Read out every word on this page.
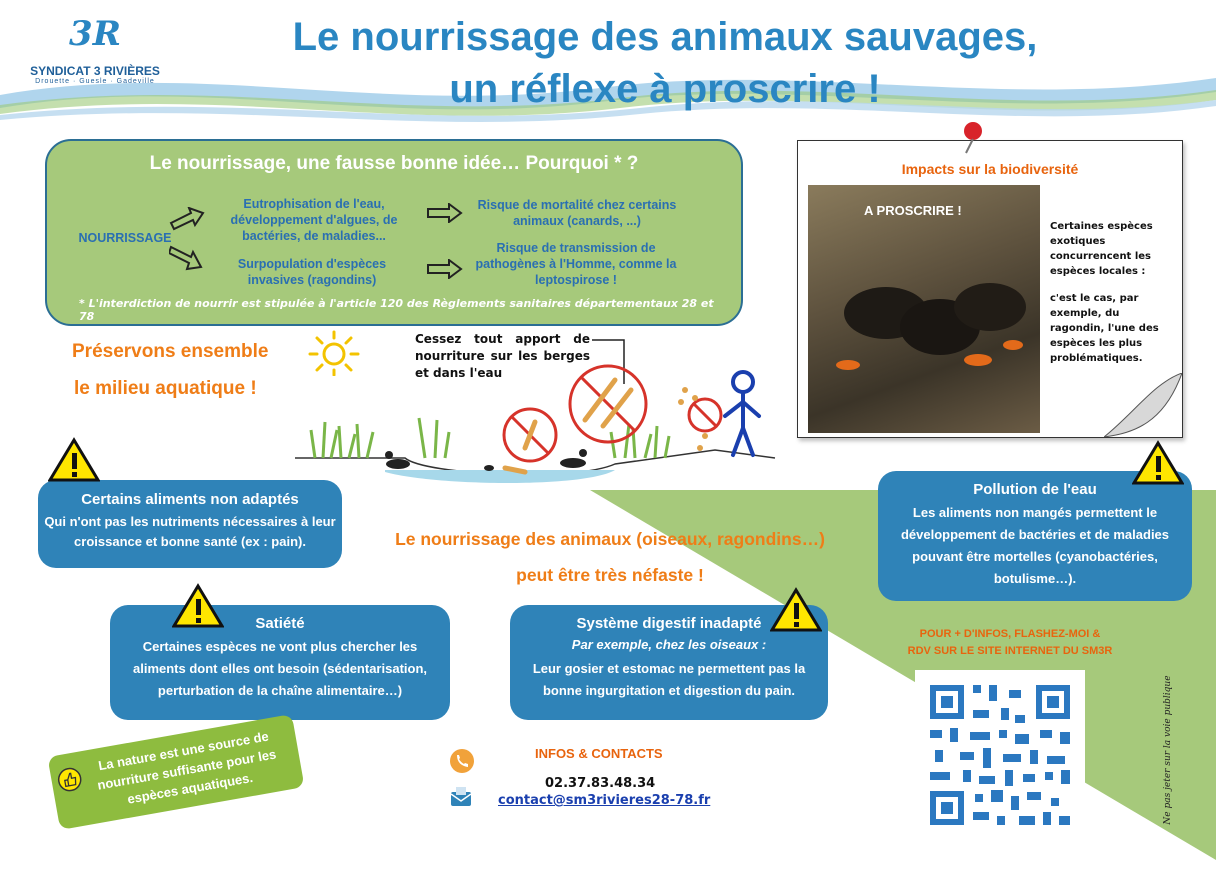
3R
SYNDICAT 3 RIVIÈRES
Drouette · Guesle · Gadeville
Le nourrissage des animaux sauvages,
un réflexe à proscrire !
Le nourrissage, une fausse bonne idée… Pourquoi * ?
NOURRISSAGE
Eutrophisation de l'eau, développement d'algues, de bactéries, de maladies...
Surpopulation d'espèces invasives (ragondins)
Risque de mortalité chez certains animaux (canards, ...)
Risque de transmission de pathogènes à l'Homme, comme la leptospirose !
* L'interdiction de nourrir est stipulée à l'article 120 des Règlements sanitaires départementaux 28 et 78
Préservons ensemble
le milieu aquatique !
Cessez tout apport de nourriture sur les berges et dans l'eau
Impacts sur la biodiversité
A PROSCRIRE !
Certaines espèces exotiques concurrencent les espèces locales :
c'est le cas, par exemple, du ragondin, l'une des espèces les plus problématiques.
Certains aliments non adaptés
Qui n'ont pas les nutriments nécessaires à leur croissance et bonne santé (ex : pain).
Pollution de l'eau
Les aliments non mangés permettent le développement de bactéries et de maladies pouvant être mortelles (cyanobactéries, botulisme…).
Satiété
Certaines espèces ne vont plus chercher les aliments dont elles ont besoin (sédentarisation, perturbation de la chaîne alimentaire…)
Système digestif inadapté
Par exemple, chez les oiseaux :
Leur gosier et estomac ne permettent pas la bonne ingurgitation et digestion du pain.
Le nourrissage des animaux (oiseaux, ragondins…)
peut être très néfaste !
La nature est une source de nourriture suffisante pour les espèces aquatiques.
INFOS & CONTACTS
02.37.83.48.34
contact@sm3rivieres28-78.fr
POUR + D'INFOS, FLASHEZ-MOI &
RDV SUR LE SITE INTERNET DU SM3R
Ne pas jeter sur la voie publique
